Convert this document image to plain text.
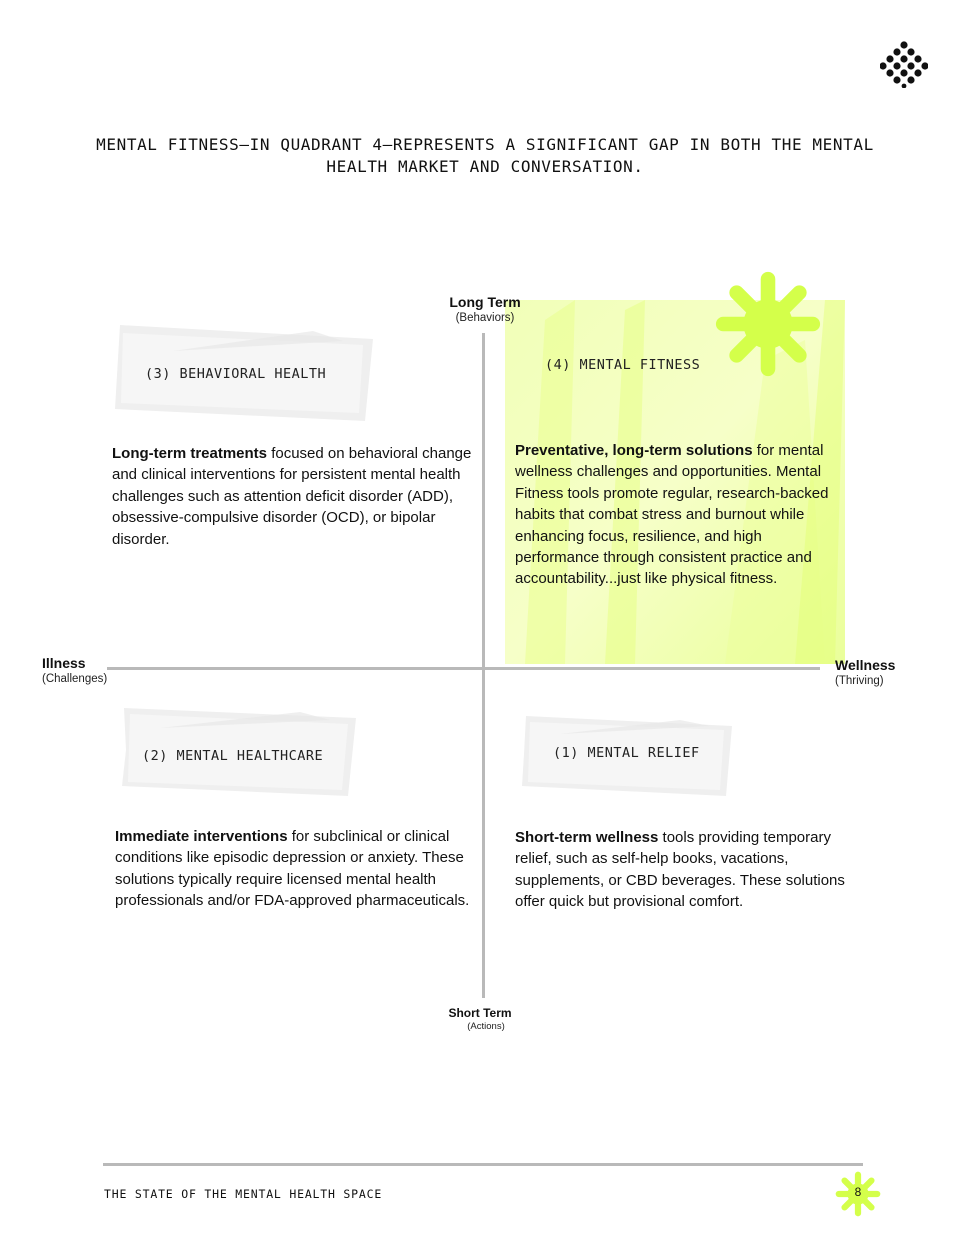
MENTAL FITNESS—IN QUADRANT 4—REPRESENTS A SIGNIFICANT GAP IN BOTH THE MENTAL HEALTH MARKET AND CONVERSATION.
Long Term
(Behaviors)
Short Term
(Actions)
Illness
(Challenges)
Wellness
(Thriving)
(3) BEHAVIORAL HEALTH
Long-term treatments focused on behavioral change and clinical interventions for persistent mental health challenges such as attention deficit disorder (ADD), obsessive-compulsive disorder (OCD), or bipolar disorder.
(4) MENTAL FITNESS
Preventative, long-term solutions for mental wellness challenges and opportunities. Mental Fitness tools promote regular, research-backed habits that combat stress and burnout while enhancing focus, resilience, and high performance through consistent practice and accountability...just like physical fitness.
(2) MENTAL HEALTHCARE
Immediate interventions for subclinical or clinical conditions like episodic depression or anxiety. These solutions typically require licensed mental health professionals and/or FDA-approved pharmaceuticals.
(1) MENTAL RELIEF
Short-term wellness tools providing temporary relief, such as self-help books, vacations, supplements, or CBD beverages. These solutions offer quick but provisional comfort.
THE STATE OF THE MENTAL HEALTH SPACE	8
